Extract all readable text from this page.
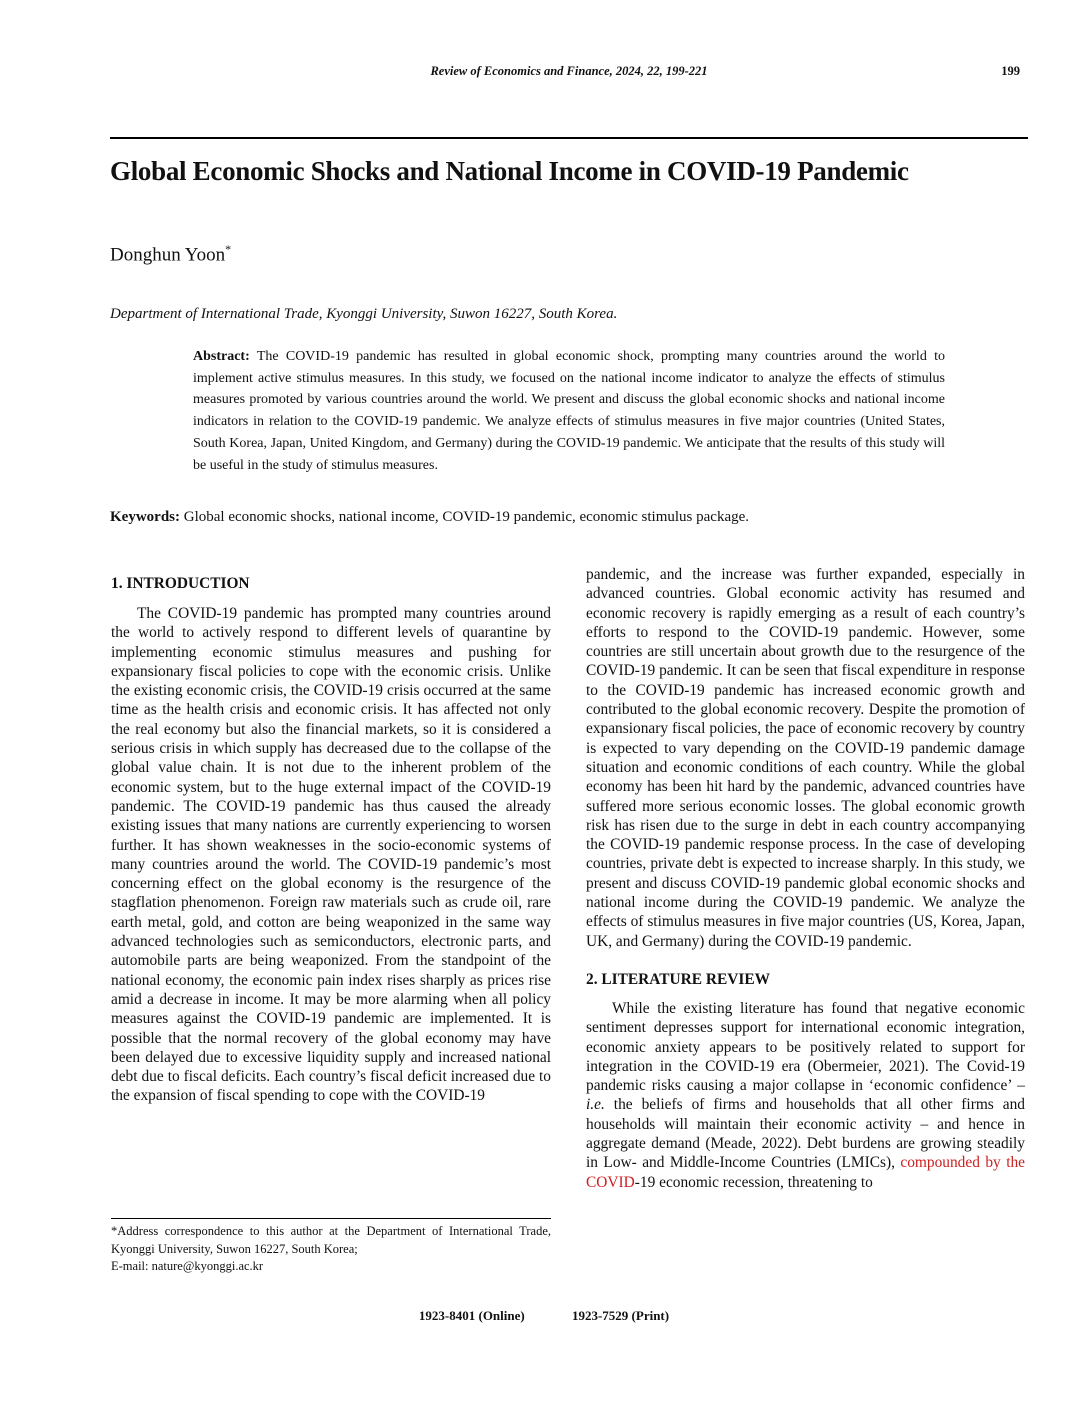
Review of Economics and Finance, 2024, 22, 199-221	199
Global Economic Shocks and National Income in COVID-19 Pandemic
Donghun Yoon*
Department of International Trade, Kyonggi University, Suwon 16227, South Korea.
Abstract: The COVID-19 pandemic has resulted in global economic shock, prompting many countries around the world to implement active stimulus measures. In this study, we focused on the national income indicator to analyze the effects of stimulus measures promoted by various countries around the world. We present and discuss the global economic shocks and national income indicators in relation to the COVID-19 pandemic. We analyze effects of stimulus measures in five major countries (United States, South Korea, Japan, United Kingdom, and Germany) during the COVID-19 pandemic. We anticipate that the results of this study will be useful in the study of stimulus measures.
Keywords: Global economic shocks, national income, COVID-19 pandemic, economic stimulus package.
1. INTRODUCTION

The COVID-19 pandemic has prompted many countries around the world to actively respond to different levels of quarantine by implementing economic stimulus measures and pushing for expansionary fiscal policies to cope with the economic crisis. Unlike the existing economic crisis, the COVID-19 crisis occurred at the same time as the health crisis and economic crisis. It has affected not only the real economy but also the financial markets, so it is considered a serious crisis in which supply has decreased due to the collapse of the global value chain. It is not due to the inherent problem of the economic system, but to the huge external impact of the COVID-19 pandemic. The COVID-19 pandemic has thus caused the already existing issues that many nations are currently experiencing to worsen further. It has shown weaknesses in the socio-economic systems of many countries around the world. The COVID-19 pandemic’s most concerning effect on the global economy is the resurgence of the stagflation phenomenon. Foreign raw materials such as crude oil, rare earth metal, gold, and cotton are being weaponized in the same way advanced technologies such as semiconductors, electronic parts, and automobile parts are being weaponized. From the standpoint of the national economy, the economic pain index rises sharply as prices rise amid a decrease in income. It may be more alarming when all policy measures against the COVID-19 pandemic are implemented. It is possible that the normal recovery of the global economy may have been delayed due to excessive liquidity supply and increased national debt due to fiscal deficits. Each country’s fiscal deficit increased due to the expansion of fiscal spending to cope with the COVID-19

pandemic, and the increase was further expanded, especially in advanced countries. Global economic activity has resumed and economic recovery is rapidly emerging as a result of each country’s efforts to respond to the COVID-19 pandemic. However, some countries are still uncertain about growth due to the resurgence of the COVID-19 pandemic. It can be seen that fiscal expenditure in response to the COVID-19 pandemic has increased economic growth and contributed to the global economic recovery. Despite the promotion of expansionary fiscal policies, the pace of economic recovery by country is expected to vary depending on the COVID-19 pandemic damage situation and economic conditions of each country. While the global economy has been hit hard by the pandemic, advanced countries have suffered more serious economic losses. The global economic growth risk has risen due to the surge in debt in each country accompanying the COVID-19 pandemic response process. In the case of developing countries, private debt is expected to increase sharply. In this study, we present and discuss COVID-19 pandemic global economic shocks and national income during the COVID-19 pandemic. We analyze the effects of stimulus measures in five major countries (US, Korea, Japan, UK, and Germany) during the COVID-19 pandemic.

2. LITERATURE REVIEW

While the existing literature has found that negative economic sentiment depresses support for international economic integration, economic anxiety appears to be positively related to support for integration in the COVID-19 era (Obermeier, 2021). The Covid-19 pandemic risks causing a major collapse in ‘economic confidence’ – i.e. the beliefs of firms and households that all other firms and households will maintain their economic activity – and hence in aggregate demand (Meade, 2022). Debt burdens are growing steadily in Low- and Middle-Income Countries (LMICs), compounded by the COVID-19 economic recession, threatening to

*Address correspondence to this author at the Department of International Trade, Kyonggi University, Suwon 16227, South Korea;
E-mail: nature@kyonggi.ac.kr
1923-8401 (Online)	1923-7529 (Print)
